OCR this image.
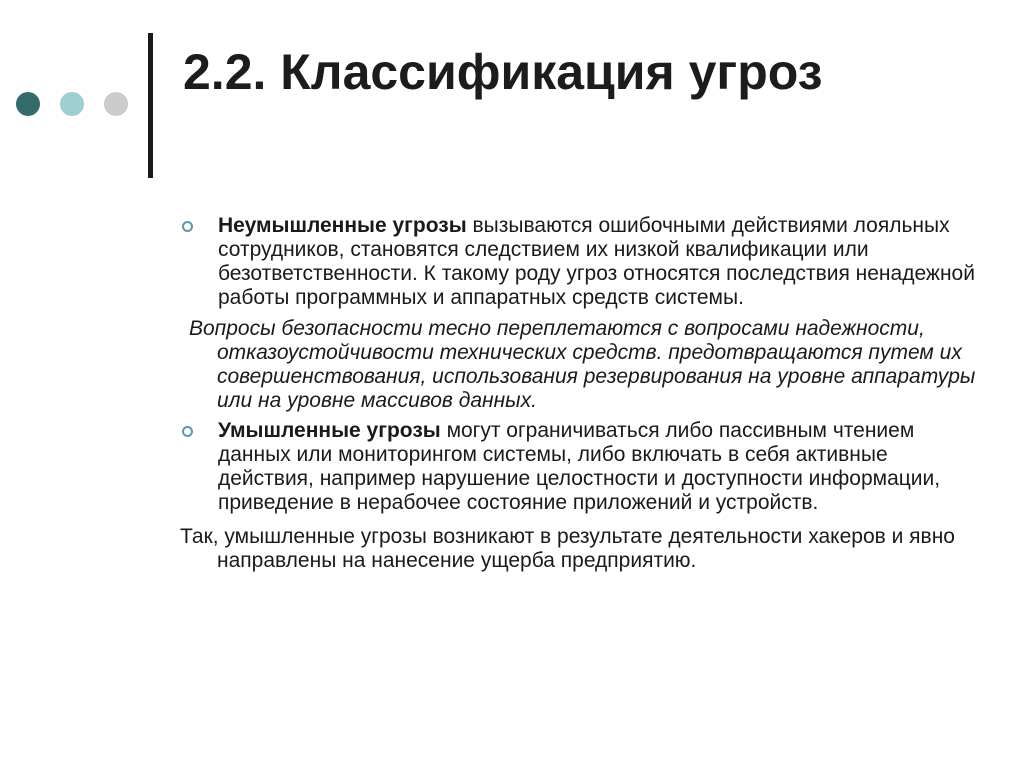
2.2. Классификация угроз

Неумышленные угрозы вызываются ошибочными действиями лояльных сотрудников, становятся следствием их низкой квалификации или безответственности. К такому роду угроз относятся последствия ненадежной работы программных и аппаратных средств системы.

Вопросы безопасности тесно переплетаются с вопросами надежности, отказоустойчивости технических средств. предотвращаются путем их совершенствования, использования резервирования на уровне аппаратуры или на уровне массивов данных.

Умышленные угрозы могут ограничиваться либо пассивным чтением данных или мониторингом системы, либо включать в себя активные действия, например нарушение целостности и доступности информации, приведение в нерабочее состояние приложений и устройств.

Так, умышленные угрозы возникают в результате деятельности хакеров и явно направлены на нанесение ущерба предприятию.
